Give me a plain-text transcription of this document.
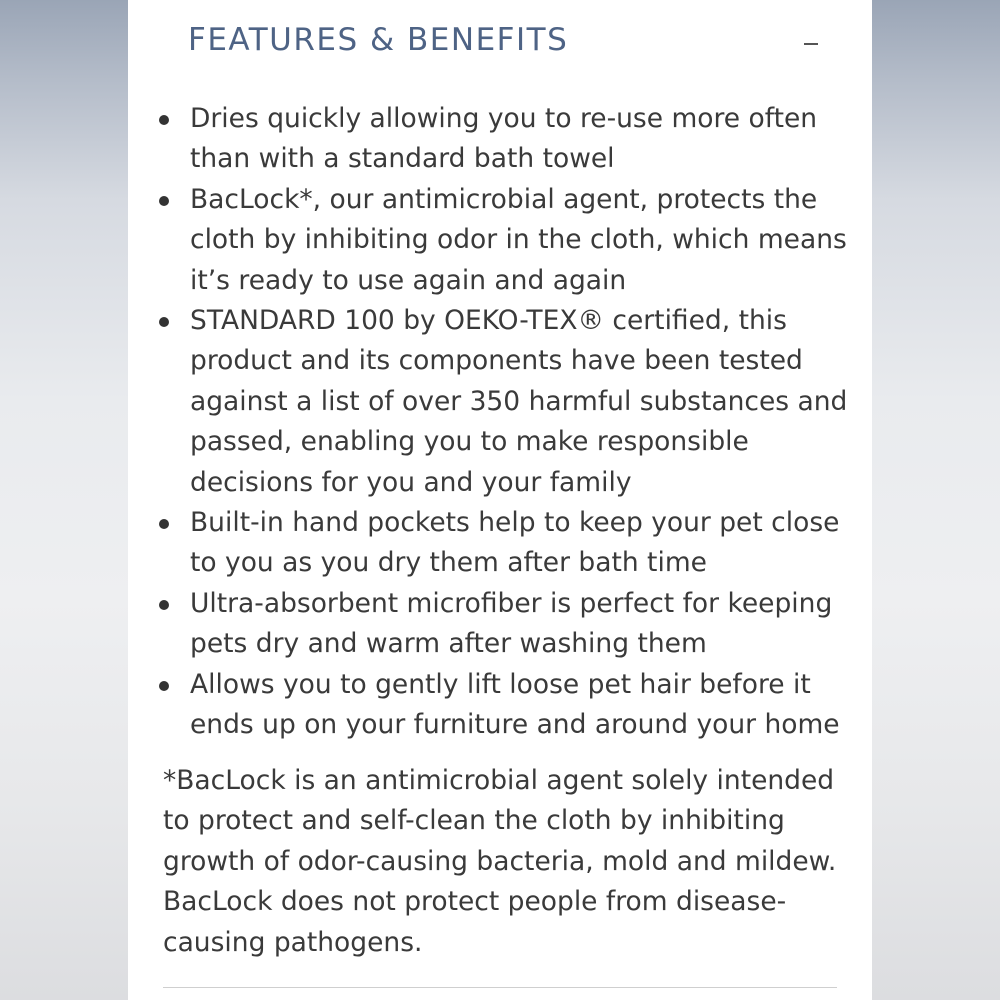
FEATURES & BENEFITS
Dries quickly allowing you to re-use more often than with a standard bath towel
BacLock*, our antimicrobial agent, protects the cloth by inhibiting odor in the cloth, which means it’s ready to use again and again
STANDARD 100 by OEKO-TEX® certified, this product and its components have been tested against a list of over 350 harmful substances and passed, enabling you to make responsible decisions for you and your family
Built-in hand pockets help to keep your pet close to you as you dry them after bath time
Ultra-absorbent microfiber is perfect for keeping pets dry and warm after washing them
Allows you to gently lift loose pet hair before it ends up on your furniture and around your home

*BacLock is an antimicrobial agent solely intended to protect and self-clean the cloth by inhibiting growth of odor-causing bacteria, mold and mildew. BacLock does not protect people from disease-causing pathogens.
